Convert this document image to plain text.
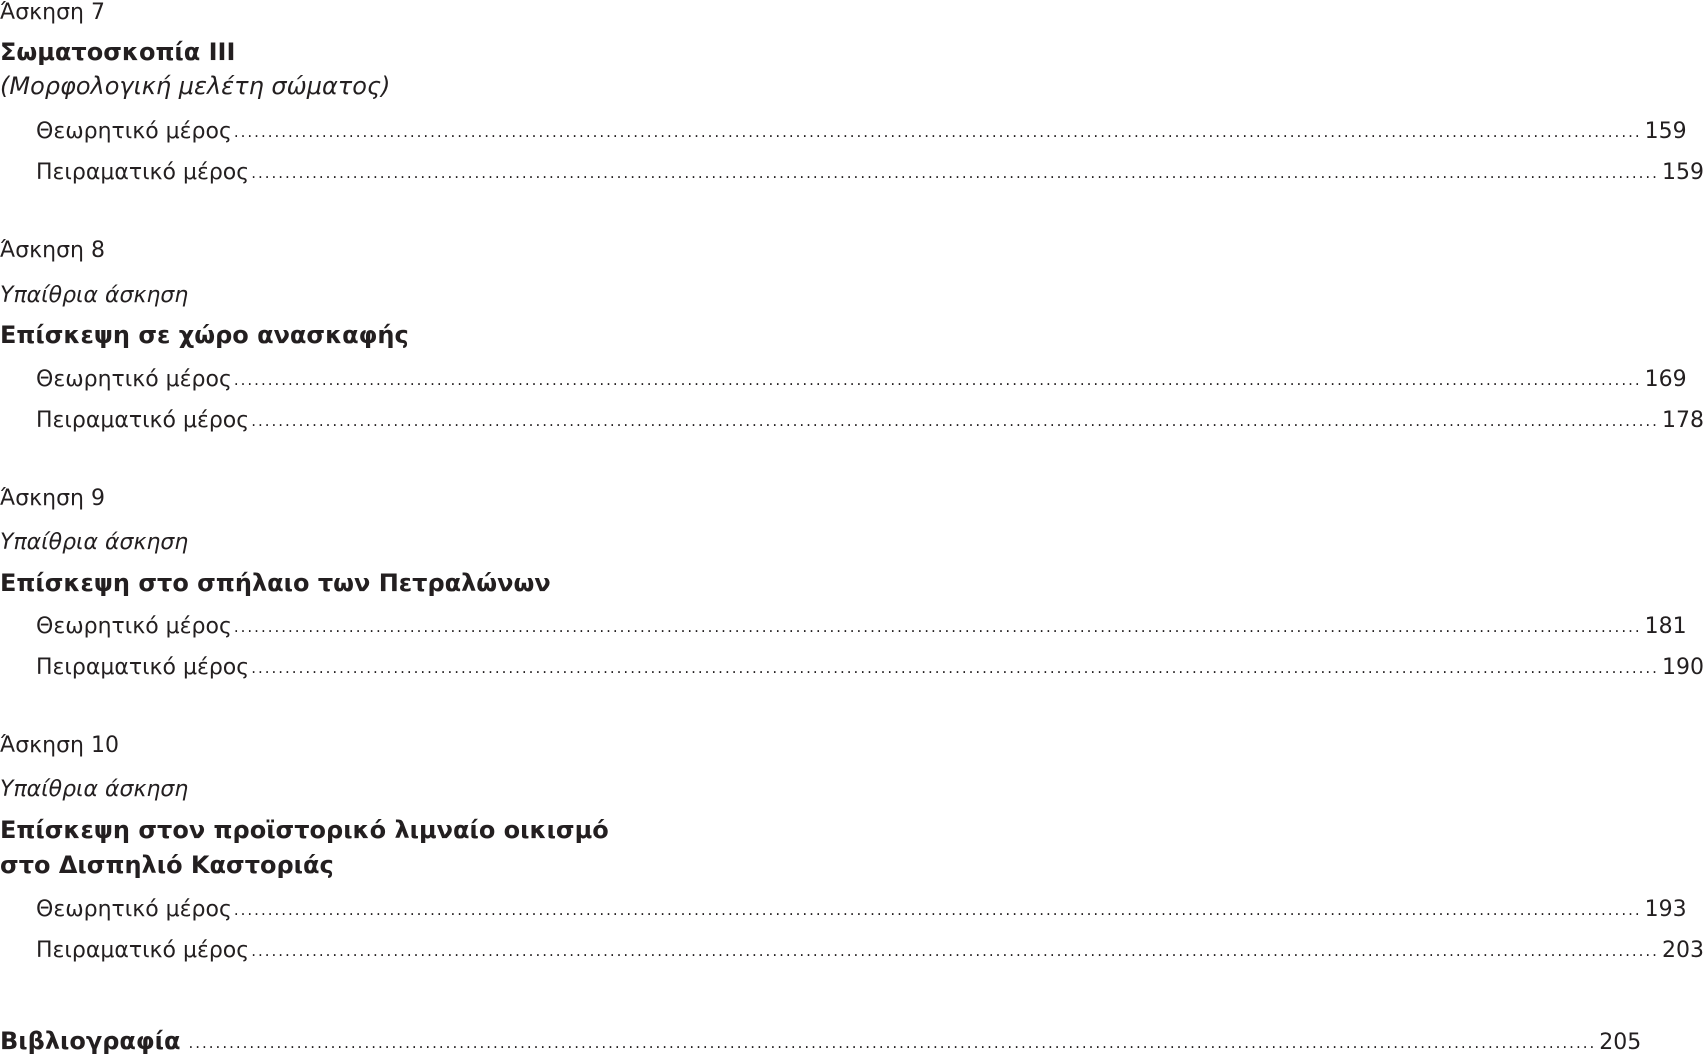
Άσκηση 7
Σωματοσκοπία ΙΙΙ
(Μορφολογική μελέτη σώματος)
Θεωρητικό μέρος ................................................................................................................................................................................................................ 159
Πειραματικό μέρος ................................................................................................................................................................................................................ 159
Άσκηση 8
Υπαίθρια άσκηση
Επίσκεψη σε χώρο ανασκαφής
Θεωρητικό μέρος ................................................................................................................................................................................................................ 169
Πειραματικό μέρος ................................................................................................................................................................................................................ 178
Άσκηση 9
Υπαίθρια άσκηση
Επίσκεψη στο σπήλαιο των Πετραλώνων
Θεωρητικό μέρος ................................................................................................................................................................................................................ 181
Πειραματικό μέρος ................................................................................................................................................................................................................ 190
Άσκηση 10
Υπαίθρια άσκηση
Επίσκεψη στον προϊστορικό λιμναίο οικισμό
στο Δισπηλιό Καστοριάς
Θεωρητικό μέρος ................................................................................................................................................................................................................ 193
Πειραματικό μέρος ................................................................................................................................................................................................................ 203
Βιβλιογραφία ................................................................................................................................................................................................................ 205
